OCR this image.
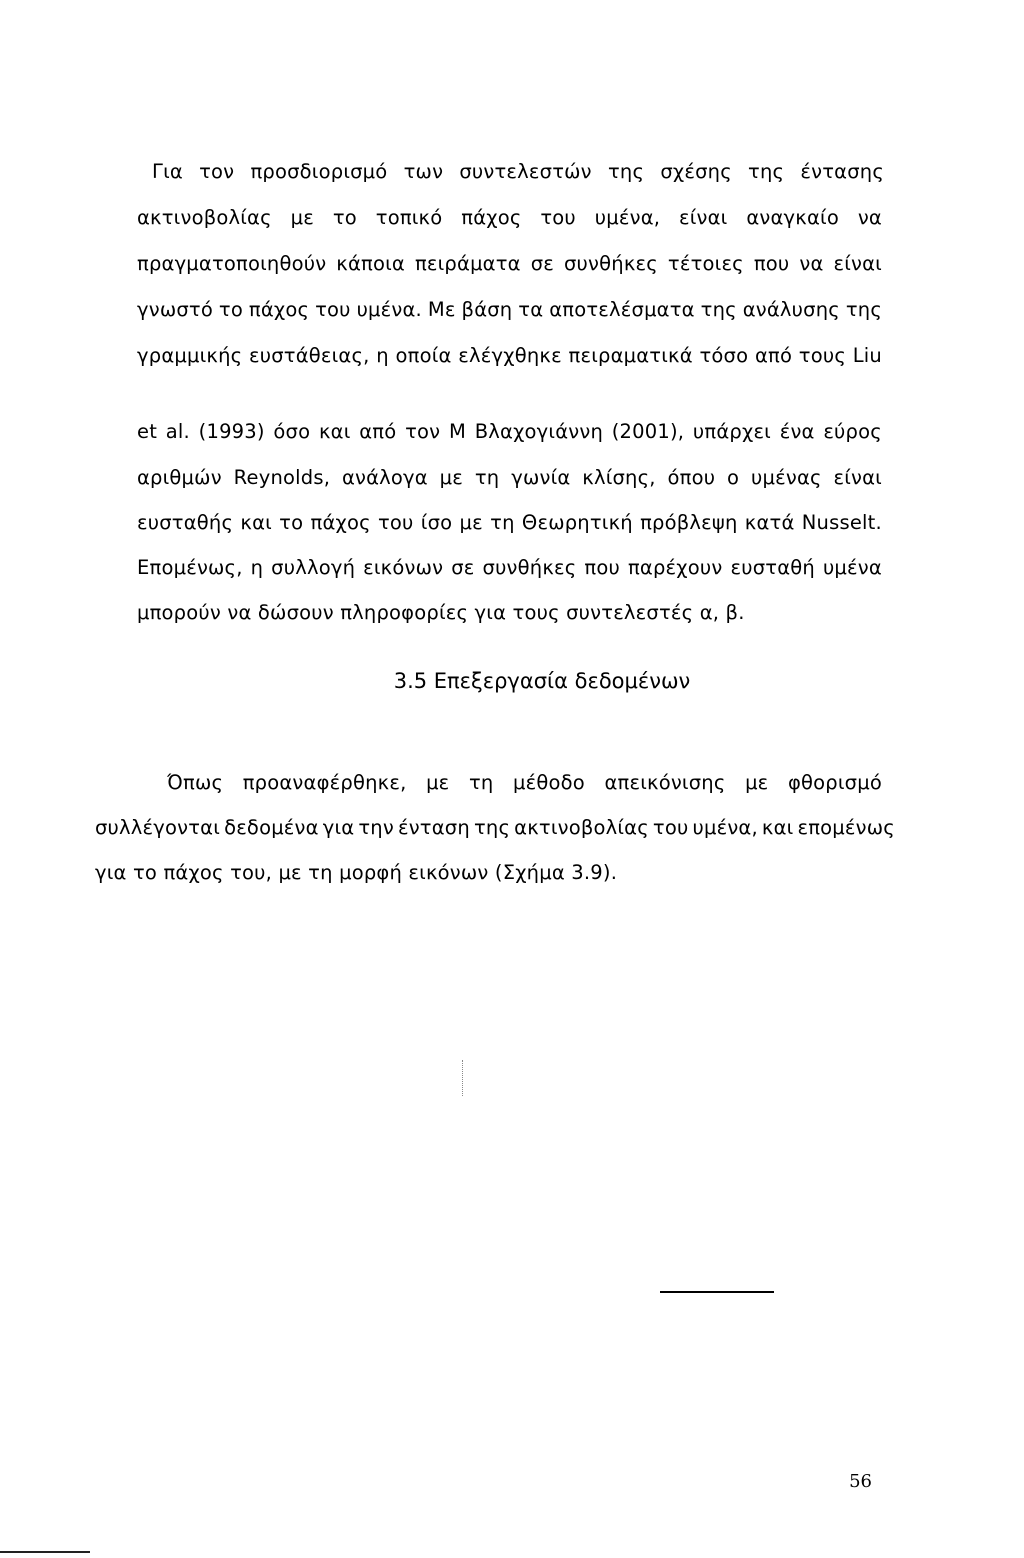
Για τον προσδιορισμό των συντελεστών της σχέσης της έντασης
ακτινοβολίας με το τοπικό πάχος του υμένα, είναι αναγκαίο να
πραγματοποιηθούν κάποια πειράματα σε συνθήκες τέτοιες που να είναι
γνωστό το πάχος του υμένα. Με βάση τα αποτελέσματα της ανάλυσης της
γραμμικής ευστάθειας, η οποία ελέγχθηκε πειραματικά τόσο από τους Liu
et al. (1993) όσο και από τον Μ Βλαχογιάννη (2001), υπάρχει ένα εύρος
αριθμών Reynolds, ανάλογα με τη γωνία κλίσης, όπου ο υμένας είναι
ευσταθής και το πάχος του ίσο με τη Θεωρητική πρόβλεψη κατά Nusselt.
Επομένως, η συλλογή εικόνων σε συνθήκες που παρέχουν ευσταθή υμένα
μπορούν να δώσουν πληροφορίες για τους συντελεστές α, β.
3.5 Επεξεργασία δεδομένων
Όπως προαναφέρθηκε, με τη μέθοδο απεικόνισης με φθορισμό
συλλέγονται δεδομένα για την ένταση της ακτινοβολίας του υμένα, και επομένως
για το πάχος του, με τη μορφή εικόνων (Σχήμα 3.9).
56
